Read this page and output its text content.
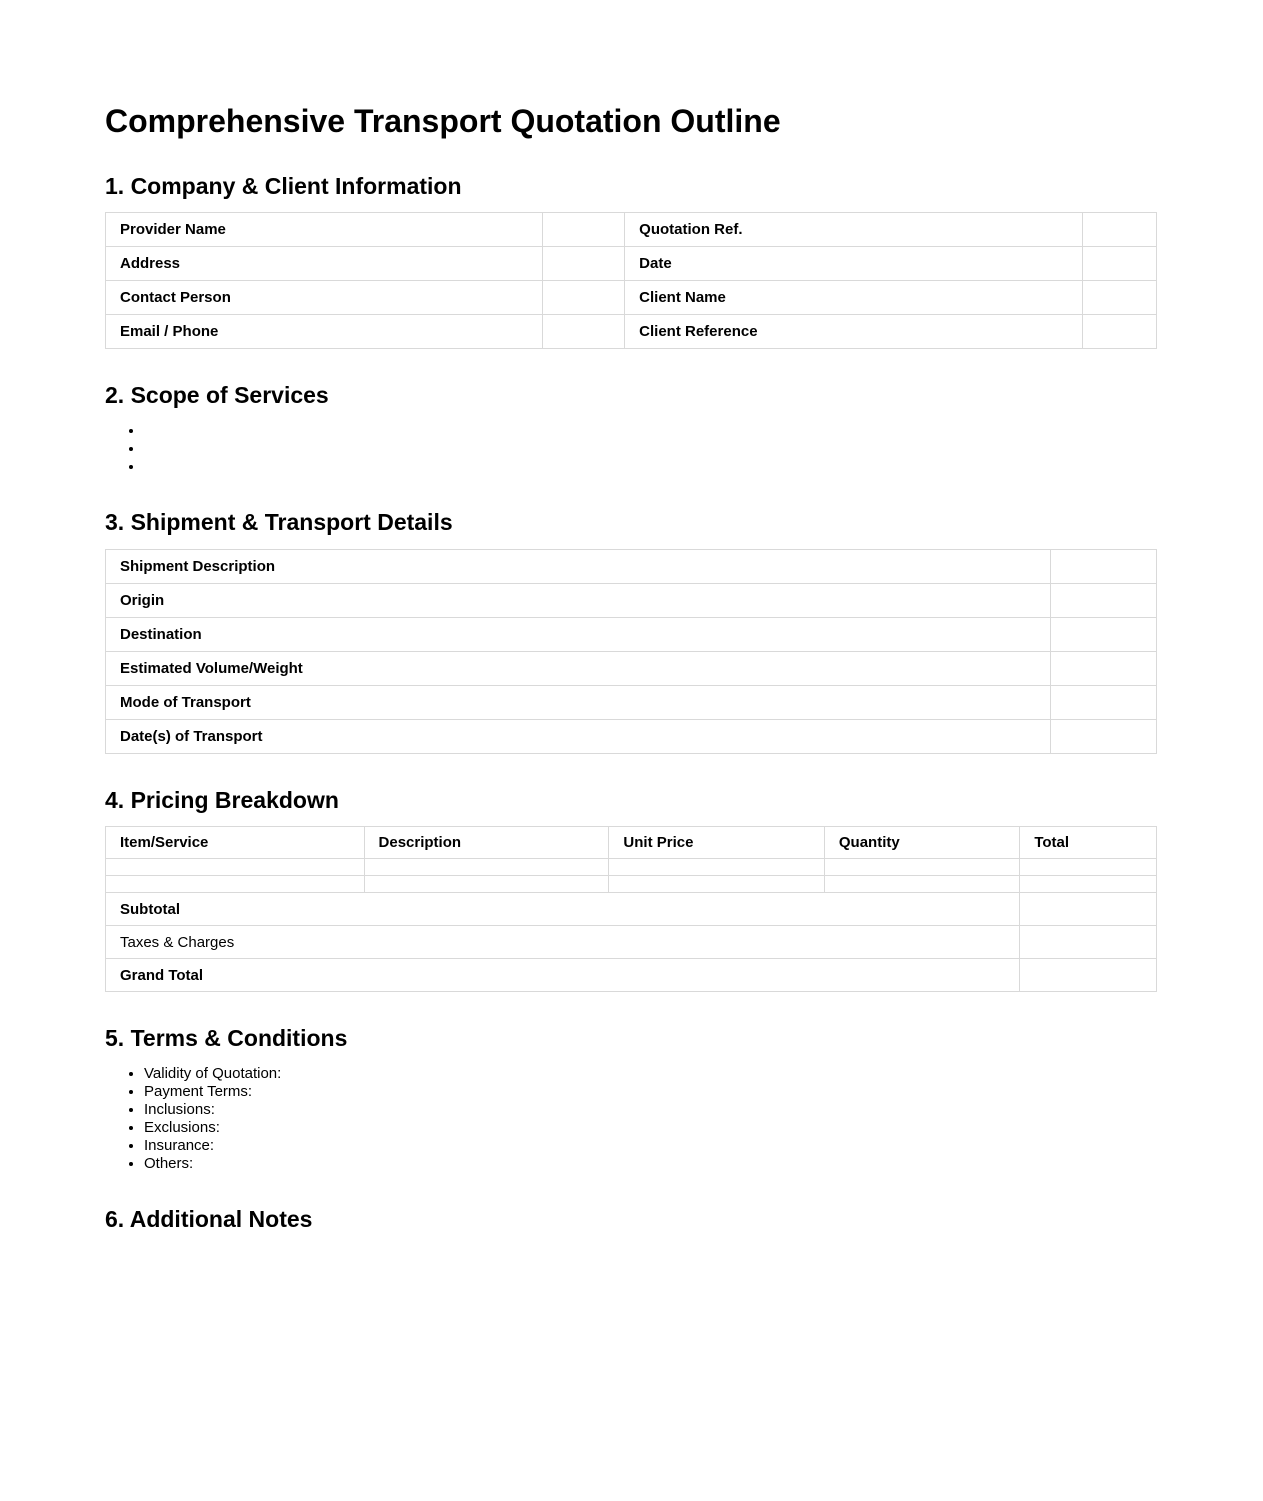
Comprehensive Transport Quotation Outline
1. Company & Client Information
Provider Name		Quotation Ref.	
Address		Date	
Contact Person		Client Name	
Email / Phone		Client Reference	
2. Scope of Services
• ​
• ​
• ​
3. Shipment & Transport Details
Shipment Description	
Origin	
Destination	
Estimated Volume/Weight	
Mode of Transport	
Date(s) of Transport	
4. Pricing Breakdown
Item/Service	Description	Unit Price	Quantity	Total

Subtotal				
Taxes & Charges				
Grand Total				
5. Terms & Conditions
• Validity of Quotation:
• Payment Terms:
• Inclusions:
• Exclusions:
• Insurance:
• Others:
6. Additional Notes
